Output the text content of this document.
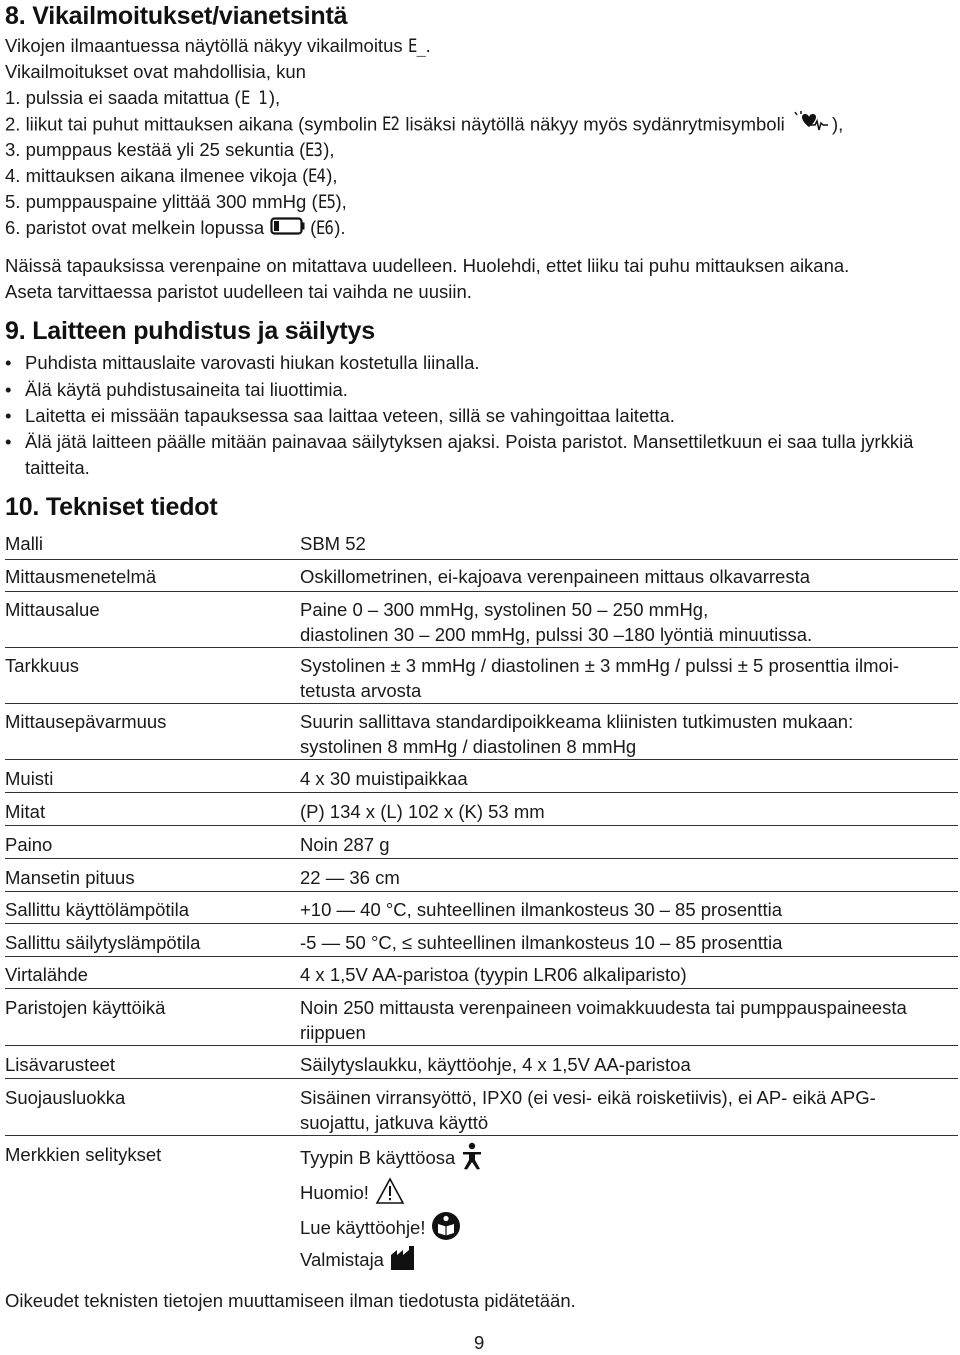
8. Vikailmoitukset/vianetsintä
Vikojen ilmaantuessa näytöllä näkyy vikailmoitus E_.
Vikailmoitukset ovat mahdollisia, kun
1. pulssia ei saada mitattua (E 1 ),
2. liikut tai puhut mittauksen aikana (symbolin E2 lisäksi näytöllä näkyy myös sydänrytmisymboli ),
3. pumppaus kestää yli 25 sekuntia (E3),
4. mittauksen aikana ilmenee vikoja (E4),
5. pumppauspaine ylittää 300 mmHg (E5),
6. paristot ovat melkein lopussa (E6).
Näissä tapauksissa verenpaine on mitattava uudelleen. Huolehdi, ettet liiku tai puhu mittauksen aikana.
Aseta tarvittaessa paristot uudelleen tai vaihda ne uusiin.
9. Laitteen puhdistus ja säilytys
• Puhdista mittauslaite varovasti hiukan kostetulla liinalla.
• Älä käytä puhdistusaineita tai liuottimia.
• Laitetta ei missään tapauksessa saa laittaa veteen, sillä se vahingoittaa laitetta.
• Älä jätä laitteen päälle mitään painavaa säilytyksen ajaksi. Poista paristot. Mansettiletkuun ei saa tulla jyrkkiä taitteita.
10. Tekniset tiedot
Malli	SBM 52
Mittausmenetelmä	Oskillometrinen, ei-kajoava verenpaineen mittaus olkavarresta
Mittausalue	Paine 0 – 300 mmHg, systolinen 50 – 250 mmHg,
diastolinen 30 – 200 mmHg, pulssi 30 –180 lyöntiä minuutissa.
Tarkkuus	Systolinen ± 3 mmHg / diastolinen ± 3 mmHg / pulssi ± 5 prosenttia ilmoi-
tetusta arvosta
Mittausepävarmuus	Suurin sallittava standardipoikkeama kliinisten tutkimusten mukaan:
systolinen 8 mmHg / diastolinen 8 mmHg
Muisti	4 x 30 muistipaikkaa
Mitat	(P) 134 x (L) 102 x (K) 53 mm
Paino	Noin 287 g
Mansetin pituus	22 — 36 cm
Sallittu käyttölämpötila	+10 — 40 °C, suhteellinen ilmankosteus 30 – 85 prosenttia
Sallittu säilytyslämpötila	-5 — 50 °C, ≤ suhteellinen ilmankosteus 10 – 85 prosenttia
Virtalähde	4 x 1,5V AA-paristoa (tyypin LR06 alkaliparisto)
Paristojen käyttöikä	Noin 250 mittausta verenpaineen voimakkuudesta tai pumppauspaineesta
riippuen
Lisävarusteet	Säilytyslaukku, käyttöohje, 4 x 1,5V AA-paristoa
Suojausluokka	Sisäinen virransyöttö, IPX0 (ei vesi- eikä roisketiivis), ei AP- eikä APG-
suojattu, jatkuva käyttö
Merkkien selitykset	Tyypin B käyttöosa
Huomio!
Lue käyttöohje!
Valmistaja
Oikeudet teknisten tietojen muuttamiseen ilman tiedotusta pidätetään.
9
